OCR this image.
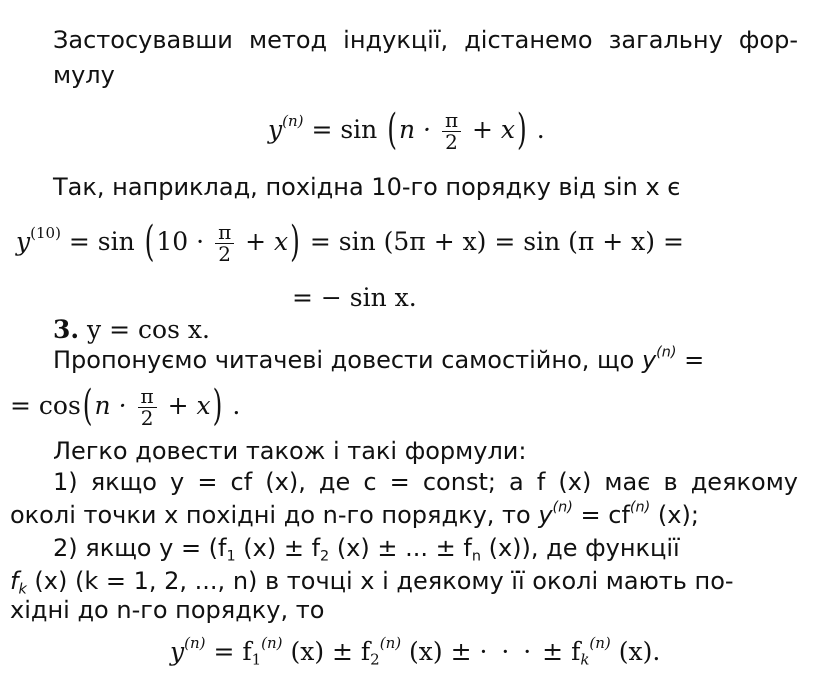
Застосувавши метод індукції, дістанемо загальну фор-
мулу
$y^{(n)} = \sin (n \cdot \frac{\pi}{2} + x)$ .
Так, наприклад, похідна 10-го порядку від sin x є
$y^{(10)} = \sin (10 \cdot \frac{\pi}{2} + x) = \sin (5\pi + x) = \sin (\pi + x)$ =
= − sin x.
3. y = cos x.
Пропонуємо читачеві довести самостійно, що $y^{(n)}$ =
= $\cos(n \cdot \frac{\pi}{2} + x)$ .
Легко довести також і такі формули:
1) якщо y = cf (x), де c = const; а f (x) має в деякому
околі точки x похідні до n-го порядку, то $y^{(n)} = cf^{(n)}$ (x);
2) якщо $y = (f_1$ $(x) \pm f_2$ (x) ± ... ± $f_n$ (x)), де функції
$f_k$ (x) (k = 1, 2, ..., n) в точці x і деякому її околі мають по-
хідні до n-го порядку, то
$y^{(n)} = f_1^{(n)}$ $(x) \pm f_2^{(n)}$ (x) ± · · · ± $f_k^{(n)}$ (x).
